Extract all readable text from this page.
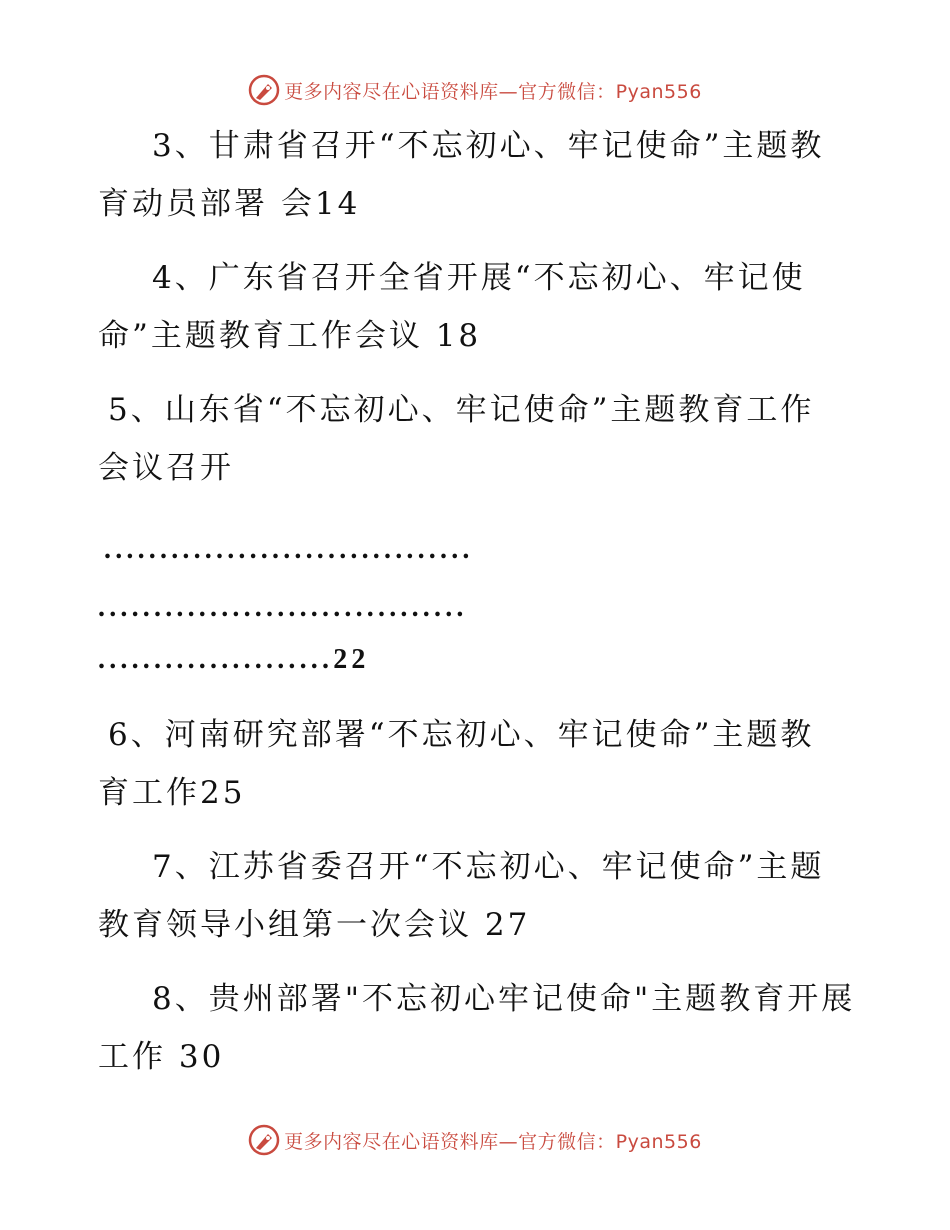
更多内容尽在心语资料库—官方微信：Pyan556
3、甘肃省召开“不忘初心、牢记使命”主题教
育动员部署 会14
4、广东省召开全省开展“不忘初心、牢记使
命”主题教育工作会议 18
5、山东省“不忘初心、牢记使命”主题教育工作
会议召开
.................................
.................................
.....................22
6、河南研究部署“不忘初心、牢记使命”主题教
育工作25
7、江苏省委召开“不忘初心、牢记使命”主题
教育领导小组第一次会议 27
8、贵州部署"不忘初心牢记使命"主题教育开展
工作 30
更多内容尽在心语资料库—官方微信：Pyan556
